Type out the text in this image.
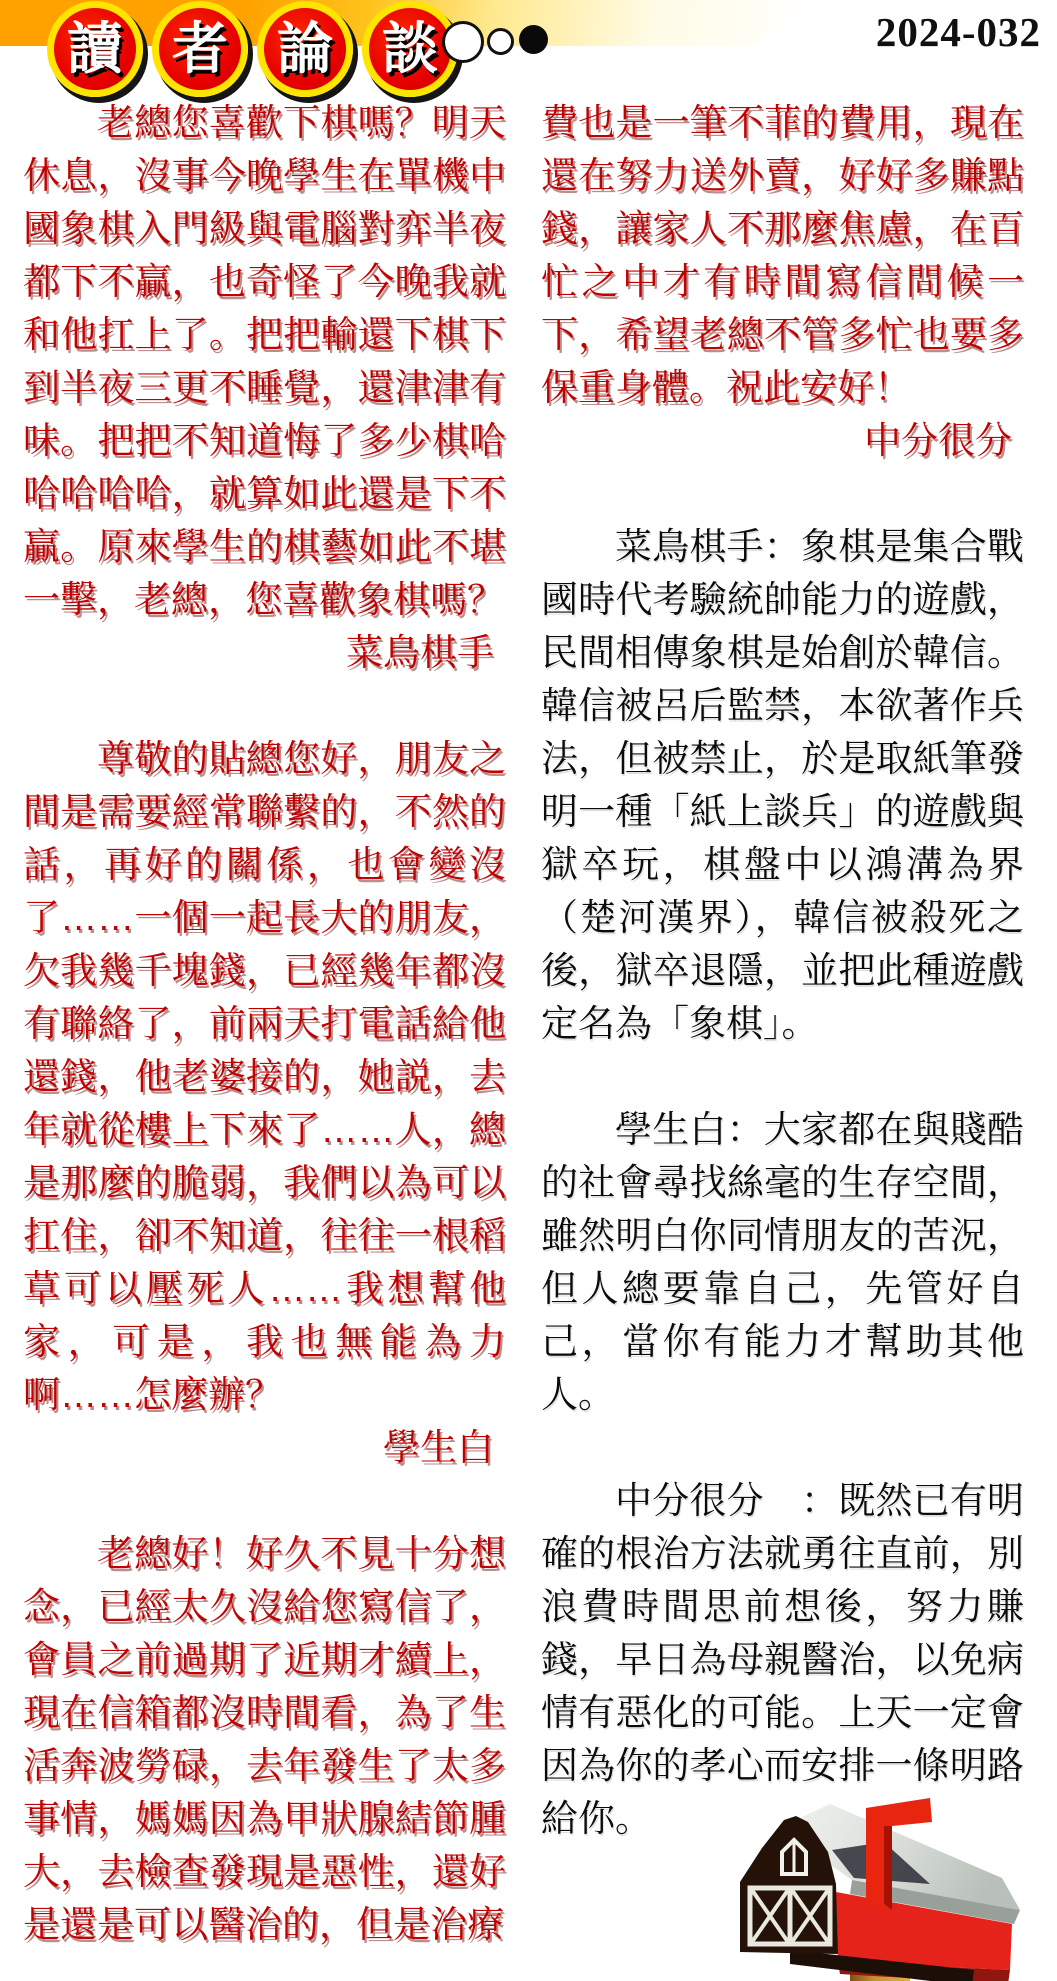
讀 者 論 談	2024-032

老總您喜歡下棋嗎？明天休息，沒事今晚學生在單機中國象棋入門級與電腦對弈半夜都下不贏，也奇怪了今晚我就和他扛上了。把把輸還下棋下到半夜三更不睡覺，還津津有味。把把不知道悔了多少棋哈哈哈哈哈，就算如此還是下不贏。原來學生的棋藝如此不堪一擊，老總，您喜歡象棋嗎？

菜鳥棋手

尊敬的貼總您好，朋友之間是需要經常聯繫的，不然的話，再好的關係，也會變沒了……一個一起長大的朋友，欠我幾千塊錢，已經幾年都沒有聯絡了，前兩天打電話給他還錢，他老婆接的，她説，去年就從樓上下來了……人，總是那麼的脆弱，我們以為可以扛住，卻不知道，往往一根稻草可以壓死人……我想幫他家，可是，我也無能為力啊……怎麼辦？

學生白

老總好！好久不見十分想念，已經太久沒給您寫信了，會員之前過期了近期才續上，現在信箱都沒時間看，為了生活奔波勞碌，去年發生了太多事情，媽媽因為甲狀腺結節腫大，去檢查發現是惡性，還好是還是可以醫治的，但是治療

費也是一筆不菲的費用，現在還在努力送外賣，好好多賺點錢，讓家人不那麼焦慮，在百忙之中才有時間寫信問候一下，希望老總不管多忙也要多保重身體。祝此安好！

中分很分

菜鳥棋手：象棋是集合戰國時代考驗統帥能力的遊戲，民間相傳象棋是始創於韓信。韓信被呂后監禁，本欲著作兵法，但被禁止，於是取紙筆發明一種「紙上談兵」的遊戲與獄卒玩，棋盤中以鴻溝為界（楚河漢界），韓信被殺死之後，獄卒退隱，並把此種遊戲定名為「象棋」。

學生白：大家都在與賤酷的社會尋找絲毫的生存空間，雖然明白你同情朋友的苦況，但人總要靠自己，先管好自己，當你有能力才幫助其他人。

中分很分　：既然已有明確的根治方法就勇往直前，別浪費時間思前想後，努力賺錢，早日為母親醫治，以免病情有惡化的可能。上天一定會因為你的孝心而安排
一條明路給你。
